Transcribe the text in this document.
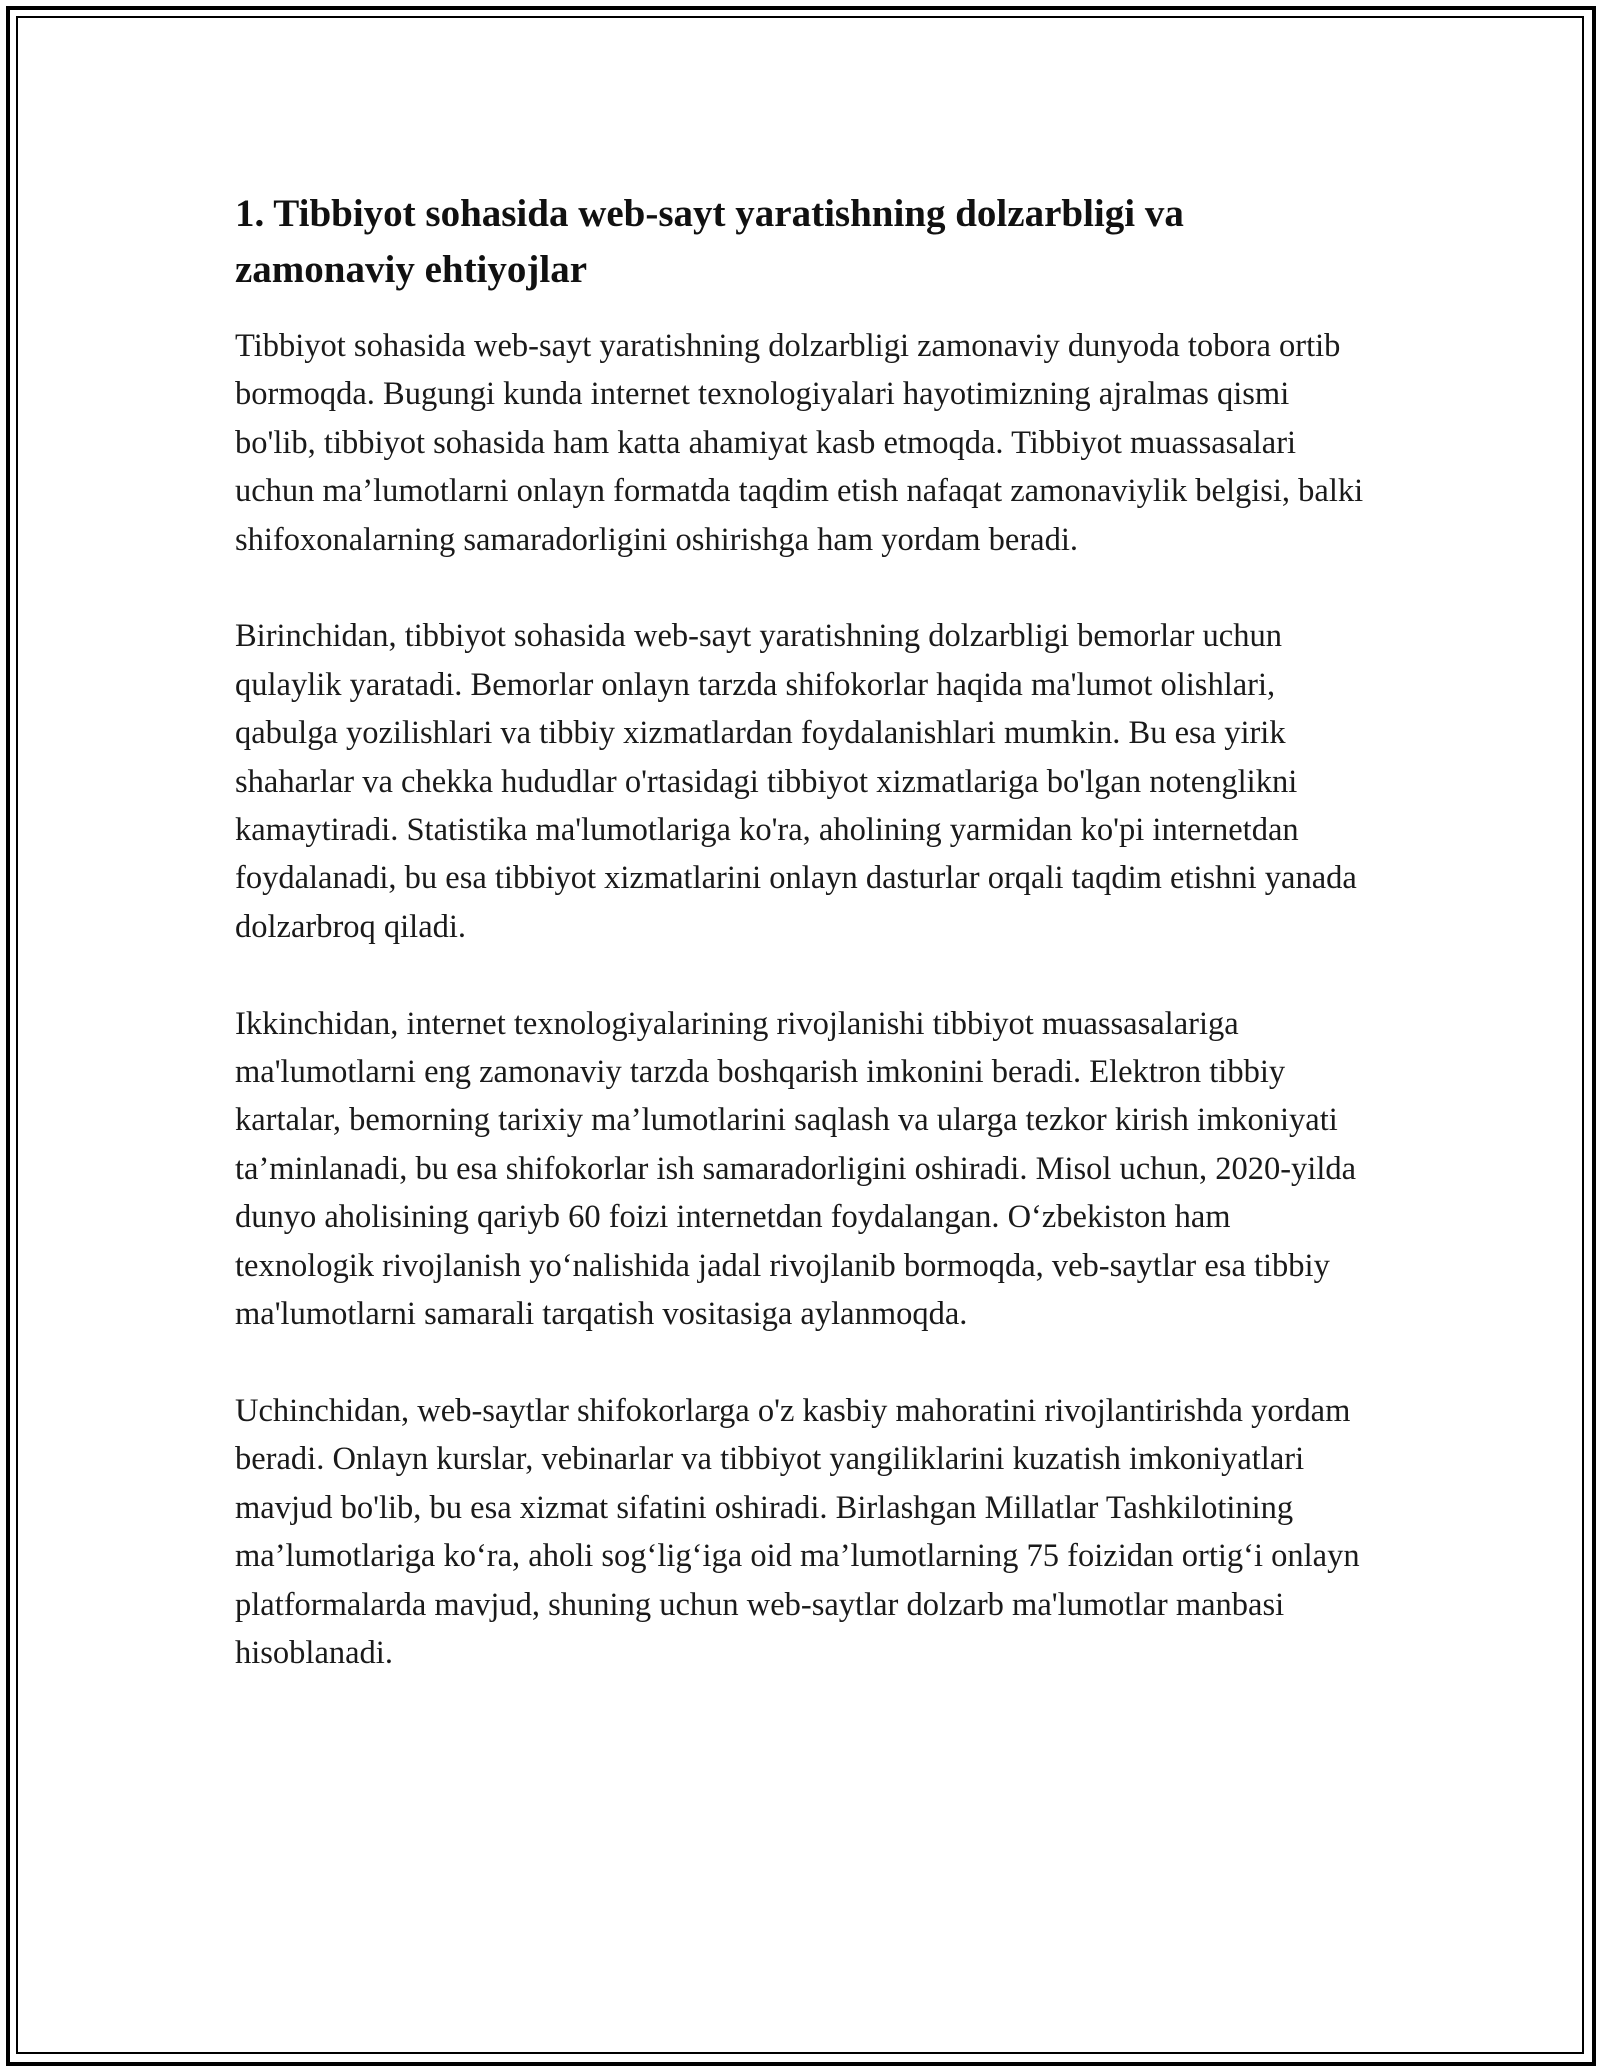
1. Tibbiyot sohasida web-sayt yaratishning dolzarbligi va zamonaviy ehtiyojlar

Tibbiyot sohasida web-sayt yaratishning dolzarbligi zamonaviy dunyoda tobora ortib bormoqda. Bugungi kunda internet texnologiyalari hayotimizning ajralmas qismi bo'lib, tibbiyot sohasida ham katta ahamiyat kasb etmoqda. Tibbiyot muassasalari uchun ma’lumotlarni onlayn formatda taqdim etish nafaqat zamonaviylik belgisi, balki shifoxonalarning samaradorligini oshirishga ham yordam beradi.

Birinchidan, tibbiyot sohasida web-sayt yaratishning dolzarbligi bemorlar uchun qulaylik yaratadi. Bemorlar onlayn tarzda shifokorlar haqida ma'lumot olishlari, qabulga yozilishlari va tibbiy xizmatlardan foydalanishlari mumkin. Bu esa yirik shaharlar va chekka hududlar o'rtasidagi tibbiyot xizmatlariga bo'lgan notenglikni kamaytiradi. Statistika ma'lumotlariga ko'ra, aholining yarmidan ko'pi internetdan foydalanadi, bu esa tibbiyot xizmatlarini onlayn dasturlar orqali taqdim etishni yanada dolzarbroq qiladi.

Ikkinchidan, internet texnologiyalarining rivojlanishi tibbiyot muassasalariga ma'lumotlarni eng zamonaviy tarzda boshqarish imkonini beradi. Elektron tibbiy kartalar, bemorning tarixiy ma’lumotlarini saqlash va ularga tezkor kirish imkoniyati ta’minlanadi, bu esa shifokorlar ish samaradorligini oshiradi. Misol uchun, 2020-yilda dunyo aholisining qariyb 60 foizi internetdan foydalangan. O‘zbekiston ham texnologik rivojlanish yo‘nalishida jadal rivojlanib bormoqda, veb-saytlar esa tibbiy ma'lumotlarni samarali tarqatish vositasiga aylanmoqda.

Uchinchidan, web-saytlar shifokorlarga o'z kasbiy mahoratini rivojlantirishda yordam beradi. Onlayn kurslar, vebinarlar va tibbiyot yangiliklarini kuzatish imkoniyatlari mavjud bo'lib, bu esa xizmat sifatini oshiradi. Birlashgan Millatlar Tashkilotining ma’lumotlariga ko‘ra, aholi sog‘lig‘iga oid ma’lumotlarning 75 foizidan ortig‘i onlayn platformalarda mavjud, shuning uchun web-saytlar dolzarb ma'lumotlar manbasi hisoblanadi.
